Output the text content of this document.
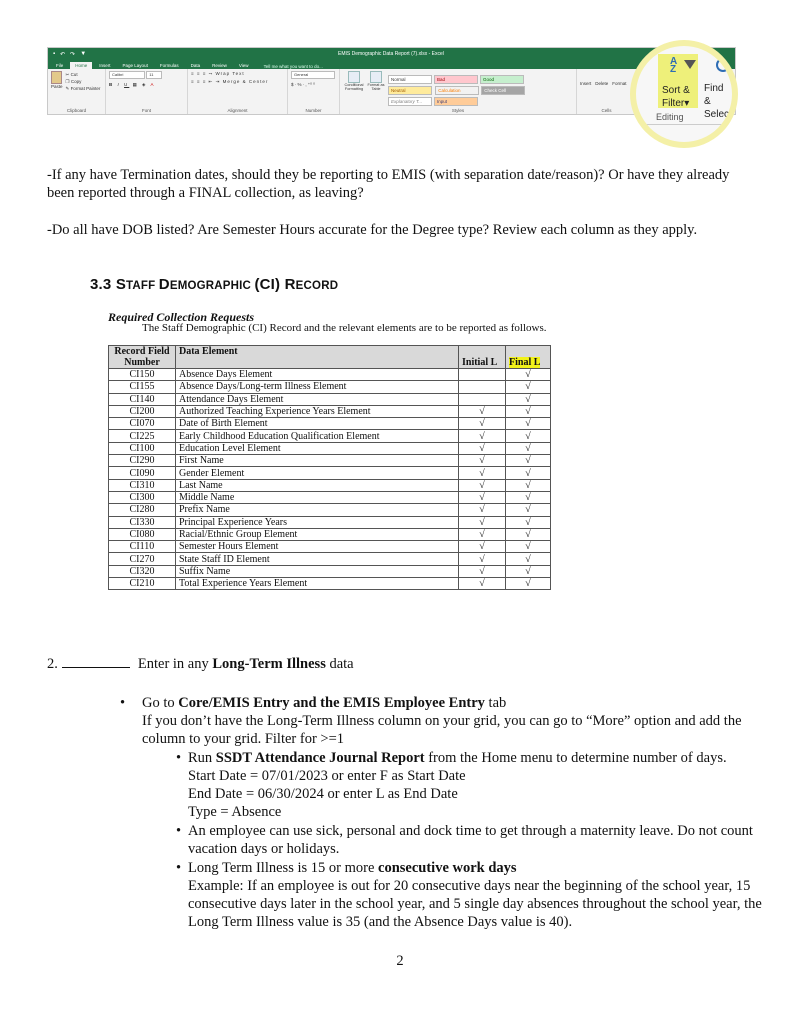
▪ ↶ ↷ ▼	EMIS Demographic Data Report (7).xlsx - Excel
File	Home	Insert	Page Layout	Formulas	Data	Review	View	Tell me what you want to do...
Paste
✂ Cut
❐ Copy
✎ Format Painter
Clipboard
Calibri	11
B I U ▦ ◈ A
Font
≡ ≡ ≡ ⤳ Wrap Text
≡ ≡ ≡ ⇤ ⇥ Merge & Center
Alignment
General
$ · % · ‚ ⁺⁰ ⁰
Number
Conditional Formatting
Format as Table
Normal	Bad	GoodNeutral	Calculation	Check CellExplanatory T...	Input
Styles
Insert Delete Format
Cells
A
Z
Sort &
Filter▾
Find &
Select
Editing
-If any have Termination dates, should they be reporting to EMIS (with separation date/reason)? Or have they already been reported through a FINAL collection, as leaving?
-Do all have DOB listed? Are Semester Hours accurate for the Degree type? Review each column as they apply.
3.3 STAFF DEMOGRAPHIC (CI) RECORD
Required Collection Requests
The Staff Demographic (CI) Record and the relevant elements are to be reported as follows.
Record Field Number	Data Element	Initial L	Final L
CI150	Absence Days Element		√
CI155	Absence Days/Long-term Illness Element		√
CI140	Attendance Days Element		√
CI200	Authorized Teaching Experience Years Element	√	√
CI070	Date of Birth Element	√	√
CI225	Early Childhood Education Qualification Element	√	√
CI100	Education Level Element	√	√
CI290	First Name	√	√
CI090	Gender Element	√	√
CI310	Last Name	√	√
CI300	Middle Name	√	√
CI280	Prefix Name	√	√
CI330	Principal Experience Years	√	√
CI080	Racial/Ethnic Group Element	√	√
CI110	Semester Hours Element	√	√
CI270	State Staff ID Element	√	√
CI320	Suffix Name	√	√
CI210	Total Experience Years Element	√	√
2.	Enter in any Long-Term Illness data
• Go to Core/EMIS Entry and the EMIS Employee Entry tab
If you don’t have the Long-Term Illness column on your grid, you can go to “More” option and add the column to your grid. Filter for >=1
• Run SSDT Attendance Journal Report from the Home menu to determine number of days.
Start Date = 07/01/2023 or enter F as Start Date
End Date = 06/30/2024 or enter L as End Date
Type = Absence
• An employee can use sick, personal and dock time to get through a maternity leave. Do not count vacation days or holidays.
• Long Term Illness is 15 or more consecutive work days
Example: If an employee is out for 20 consecutive days near the beginning of the school year, 15 consecutive days later in the school year, and 5 single day absences throughout the school year, the Long Term Illness value is 35 (and the Absence Days value is 40).
2
